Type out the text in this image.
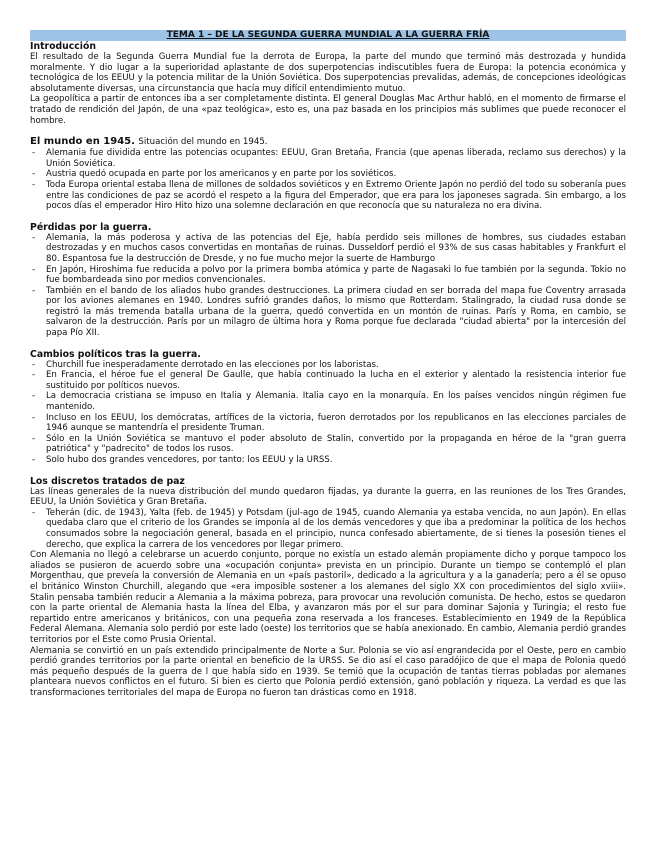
TEMA 1 – DE LA SEGUNDA GUERRA MUNDIAL A LA GUERRA FRÍA
Introducción

El resultado de la Segunda Guerra Mundial fue la derrota de Europa, la parte del mundo que terminó más destrozada y hundida moralmente. Y dio lugar a la superioridad aplastante de dos superpotencias indiscutibles fuera de Europa: la potencia económica y tecnológica de los EEUU y la potencia militar de la Unión Soviética. Dos superpotencias prevalidas, además, de concepciones ideológicas absolutamente diversas, una circunstancia que hacía muy difícil entendimiento mutuo.

La geopolítica a partir de entonces iba a ser completamente distinta. El general Douglas Mac Arthur habló, en el momento de firmarse el tratado de rendición del Japón, de una «paz teológica», esto es, una paz basada en los principios más sublimes que puede reconocer el hombre.

El mundo en 1945. Situación del mundo en 1945.
- Alemania fue dividida entre las potencias ocupantes: EEUU, Gran Bretaña, Francia (que apenas liberada, reclamo sus derechos) y la Unión Soviética.
- Austria quedó ocupada en parte por los americanos y en parte por los soviéticos.
- Toda Europa oriental estaba llena de millones de soldados soviéticos y en Extremo Oriente Japón no perdió del todo su soberanía pues entre las condiciones de paz se acordó el respeto a la figura del Emperador, que era para los japoneses sagrada. Sin embargo, a los pocos días el emperador Hiro Hito hizo una solemne declaración en que reconocía que su naturaleza no era divina.
Pérdidas por la guerra.
- Alemania, la más poderosa y activa de las potencias del Eje, había perdido seis millones de hombres, sus ciudades estaban destrozadas y en muchos casos convertidas en montañas de ruinas. Dusseldorf perdió el 93% de sus casas habitables y Frankfurt el 80. Espantosa fue la destrucción de Dresde, y no fue mucho mejor la suerte de Hamburgo
- En Japón, Hiroshima fue reducida a polvo por la primera bomba atómica y parte de Nagasaki lo fue también por la segunda. Tokio no fue bombardeada sino por medios convencionales.
- También en el bando de los aliados hubo grandes destrucciones. La primera ciudad en ser borrada del mapa fue Coventry arrasada por los aviones alemanes en 1940. Londres sufrió grandes daños, lo mismo que Rotterdam. Stalingrado, la ciudad rusa donde se registró la más tremenda batalla urbana de la guerra, quedó convertida en un montón de ruinas. París y Roma, en cambio, se salvaron de la destrucción. París por un milagro de última hora y Roma porque fue declarada "ciudad abierta" por la intercesión del papa Pío XII.
Cambios políticos tras la guerra.
- Churchill fue inesperadamente derrotado en las elecciones por los laboristas.
- En Francia, el héroe fue el general De Gaulle, que había continuado la lucha en el exterior y alentado la resistencia interior fue sustituido por políticos nuevos.
- La democracia cristiana se impuso en Italia y Alemania. Italia cayo en la monarquía. En los países vencidos ningún régimen fue mantenido.
- Incluso en los EEUU, los demócratas, artífices de la victoria, fueron derrotados por los republicanos en las elecciones parciales de 1946 aunque se mantendría el presidente Truman.
- Sólo en la Unión Soviética se mantuvo el poder absoluto de Stalin, convertido por la propaganda en héroe de la "gran guerra patriótica" y "padrecito" de todos los rusos.
- Solo hubo dos grandes vencedores, por tanto: los EEUU y la URSS.
Los discretos tratados de paz

Las líneas generales de la nueva distribución del mundo quedaron fijadas, ya durante la guerra, en las reuniones de los Tres Grandes, EEUU, la Unión Soviética y Gran Bretaña.

- Teherán (dic. de 1943), Yalta (feb. de 1945) y Potsdam (jul-ago de 1945, cuando Alemania ya estaba vencida, no aun Japón). En ellas quedaba claro que el criterio de los Grandes se imponía al de los demás vencedores y que iba a predominar la política de los hechos consumados sobre la negociación general, basada en el principio, nunca confesado abiertamente, de si tienes la posesión tienes el derecho, que explica la carrera de los vencedores por llegar primero.

Con Alemania no llegó a celebrarse un acuerdo conjunto, porque no existía un estado alemán propiamente dicho y porque tampoco los aliados se pusieron de acuerdo sobre una «ocupación conjunta» prevista en un principio. Durante un tiempo se contempló el plan Morgenthau, que preveía la conversión de Alemania en un «país pastoril», dedicado a la agricultura y a la ganadería; pero a él se opuso el británico Winston Churchill, alegando que «era imposible sostener a los alemanes del siglo XX con procedimientos del siglo xviii». Stalin pensaba también reducir a Alemania a la máxima pobreza, para provocar una revolución comunista. De hecho, estos se quedaron con la parte oriental de Alemania hasta la línea del Elba, y avanzaron más por el sur para dominar Sajonia y Turingia; el resto fue repartido entre americanos y británicos, con una pequeña zona reservada a los franceses. Establecimiento en 1949 de la República Federal Alemana. Alemania solo perdió por este lado (oeste) los territorios que se había anexionado. En cambio, Alemania perdió grandes territorios por el Este como Prusia Oriental.

Alemania se convirtió en un país extendido principalmente de Norte a Sur. Polonia se vio así engrandecida por el Oeste, pero en cambio perdió grandes territorios por la parte oriental en beneficio de la URSS. Se dio así el caso paradójico de que el mapa de Polonia quedó más pequeño después de la guerra de l que había sido en 1939. Se temió que la ocupación de tantas tierras pobladas por alemanes planteara nuevos conflictos en el futuro. Si bien es cierto que Polonia perdió extensión, ganó población y riqueza. La verdad es que las transformaciones territoriales del mapa de Europa no fueron tan drásticas como en 1918.
